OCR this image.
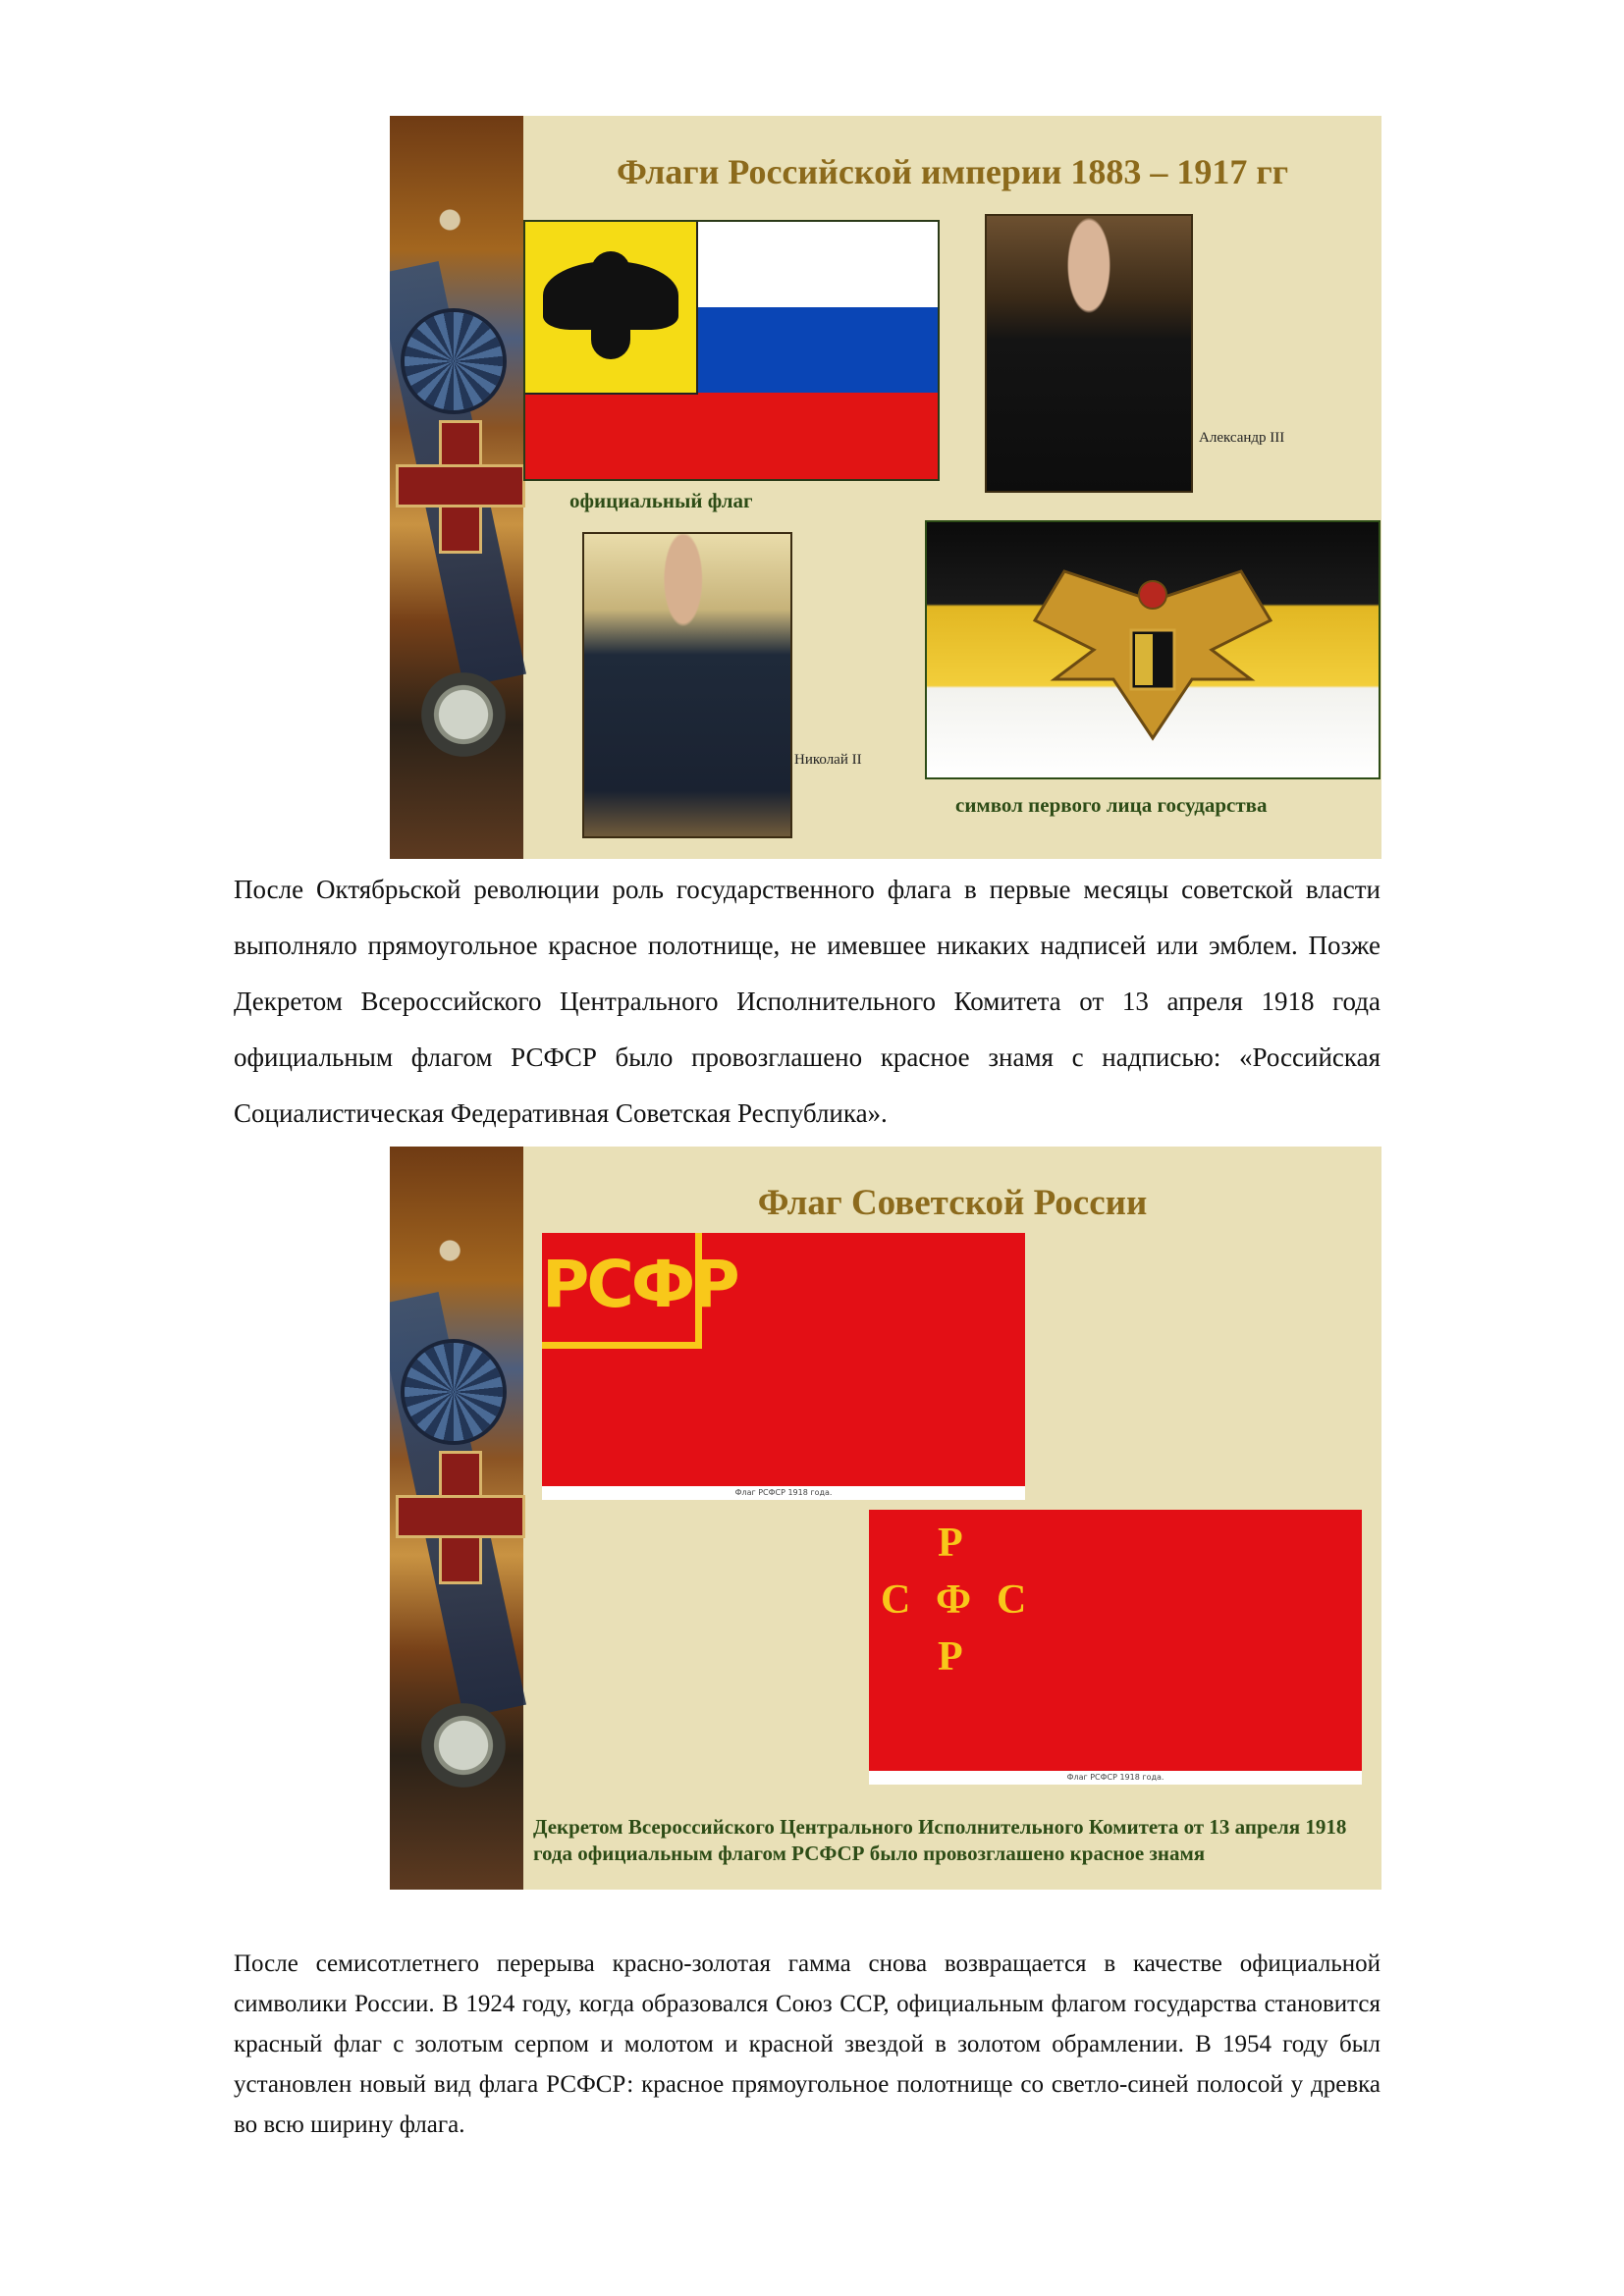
Флаги Российской империи 1883 – 1917 гг
официальный флаг
Александр III
Николай II
символ первого лица государства
После Октябрьской революции роль государственного флага в первые месяцы советской власти выполняло прямоугольное красное полотнище, не имевшее никаких надписей или эмблем. Позже Декретом Всероссийского Центрального Исполнительного Комитета от 13 апреля 1918 года официальным флагом РСФСР было провозглашено красное знамя с надписью: «Российская Социалистическая Федеративная Советская Республика».
Флаг Советской России
РСФР
Флаг РСФСР 1918 года.
Р
С Ф С
Р
Флаг РСФСР 1918 года.
Декретом Всероссийского Центрального Исполнительного Комитета от 13 апреля 1918 года официальным флагом РСФСР было провозглашено красное знамя
После семисотлетнего перерыва красно-золотая гамма снова возвращается в качестве официальной символики России. В 1924 году, когда образовался Союз ССР, официальным флагом государства становится красный флаг с золотым серпом и молотом и красной звездой в золотом обрамлении. В 1954 году был установлен новый вид флага РСФСР: красное прямоугольное полотнище со светло-синей полосой у древка во всю ширину флага.
